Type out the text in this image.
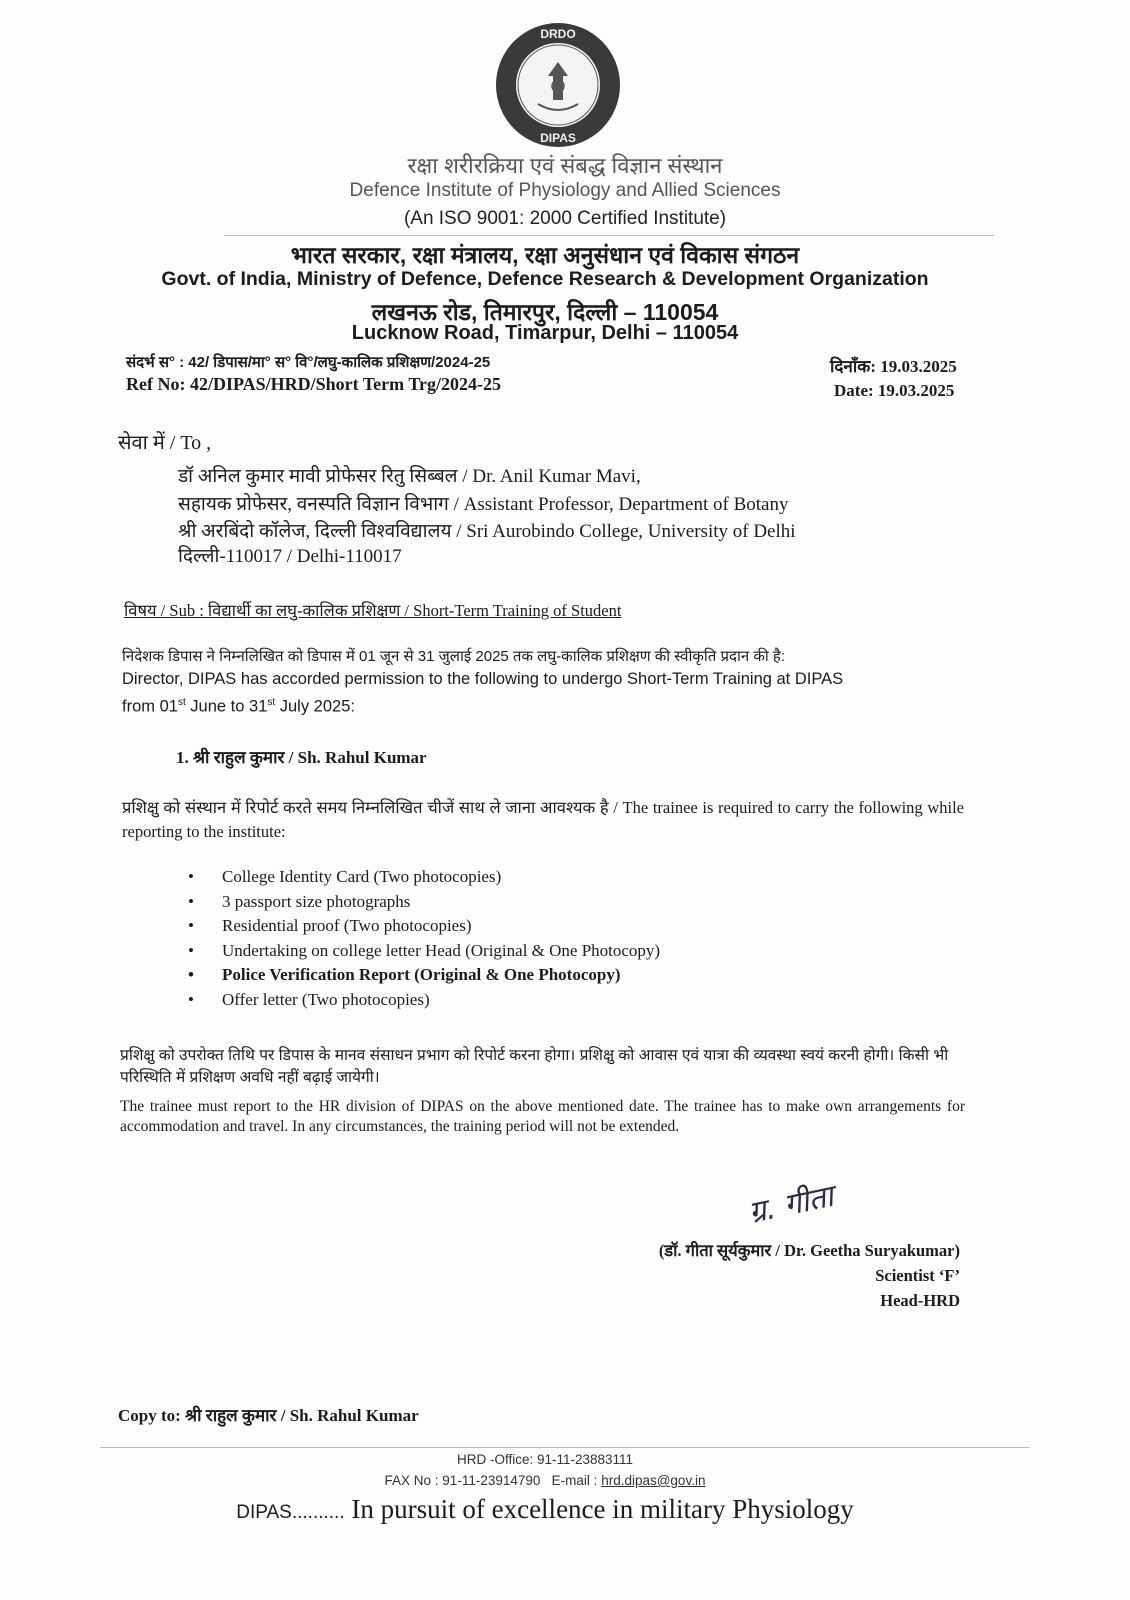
DRDO
DIPAS
रक्षा शरीरक्रिया एवं संबद्ध विज्ञान संस्थान
Defence Institute of Physiology and Allied Sciences
(An ISO 9001: 2000 Certified Institute)
भारत सरकार, रक्षा मंत्रालय, रक्षा अनुसंधान एवं विकास संगठन
Govt. of India, Ministry of Defence, Defence Research & Development Organization
लखनऊ रोड, तिमारपुर, दिल्ली – 110054
Lucknow Road, Timarpur, Delhi – 110054
संदर्भ स° : 42/ डिपास/मा° स° वि°/लघु-कालिक प्रशिक्षण/2024-25
Ref No: 42/DIPAS/HRD/Short Term Trg/2024-25
दिनाँक: 19.03.2025
Date: 19.03.2025
सेवा में / To ,
डॉ अनिल कुमार मावी प्रोफेसर रितु सिब्बल / Dr. Anil Kumar Mavi,
सहायक प्रोफेसर, वनस्पति विज्ञान विभाग / Assistant Professor, Department of Botany
श्री अरबिंदो कॉलेज, दिल्ली विश्वविद्यालय / Sri Aurobindo College, University of Delhi
दिल्ली-110017 / Delhi-110017
विषय / Sub : विद्यार्थी का लघु-कालिक प्रशिक्षण / Short-Term Training of Student
निदेशक डिपास ने निम्नलिखित को डिपास में 01 जून से 31 जुलाई 2025 तक लघु-कालिक प्रशिक्षण की स्वीकृति प्रदान की है:
Director, DIPAS has accorded permission to the following to undergo Short-Term Training at DIPAS
from 01st June to 31st July 2025:
1. श्री राहुल कुमार / Sh. Rahul Kumar
प्रशिक्षु को संस्थान में रिपोर्ट करते समय निम्नलिखित चीजें साथ ले जाना आवश्यक है / The trainee is required to carry the following while reporting to the institute:
• College Identity Card (Two photocopies)
• 3 passport size photographs
• Residential proof (Two photocopies)
• Undertaking on college letter Head (Original & One Photocopy)
• Police Verification Report (Original & One Photocopy)
• Offer letter (Two photocopies)
प्रशिक्षु को उपरोक्त तिथि पर डिपास के मानव संसाधन प्रभाग को रिपोर्ट करना होगा। प्रशिक्षु को आवास एवं यात्रा की व्यवस्था स्वयं करनी होगी। किसी भी परिस्थिति में प्रशिक्षण अवधि नहीं बढ़ाई जायेगी।
The trainee must report to the HR division of DIPAS on the above mentioned date. The trainee has to make own arrangements for accommodation and travel. In any circumstances, the training period will not be extended.
ग्र. गीता
(डॉ. गीता सूर्यकुमार / Dr. Geetha Suryakumar)
Scientist ‘F’
Head-HRD
Copy to: श्री राहुल कुमार / Sh. Rahul Kumar
HRD -Office: 91-11-23883111
FAX No : 91-11-23914790 E-mail : hrd.dipas@gov.in
DIPAS.......... In pursuit of excellence in military Physiology
